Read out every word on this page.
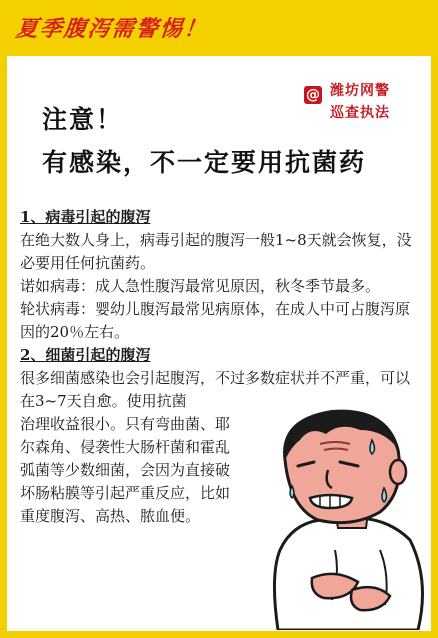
夏季腹泻需警惕！
@ 潍坊网警
巡查执法
注意！
有感染，不一定要用抗菌药

1、病毒引起的腹泻

在绝大数人身上，病毒引起的腹泻一般1~8天就会恢复，没必要用任何抗菌药。

诺如病毒：成人急性腹泻最常见原因，秋冬季节最多。

轮状病毒：婴幼儿腹泻最常见病原体，在成人中可占腹泻原因的20％左右。

2、细菌引起的腹泻

很多细菌感染也会引起腹泻，不过多数症状并不严重，可以在3~7天自愈。使用抗菌

治理收益很小。只有弯曲菌、耶

尔森角、侵袭性大肠杆菌和霍乱

弧菌等少数细菌，会因为直接破

坏肠粘膜等引起严重反应，比如

重度腹泻、高热、脓血便。
